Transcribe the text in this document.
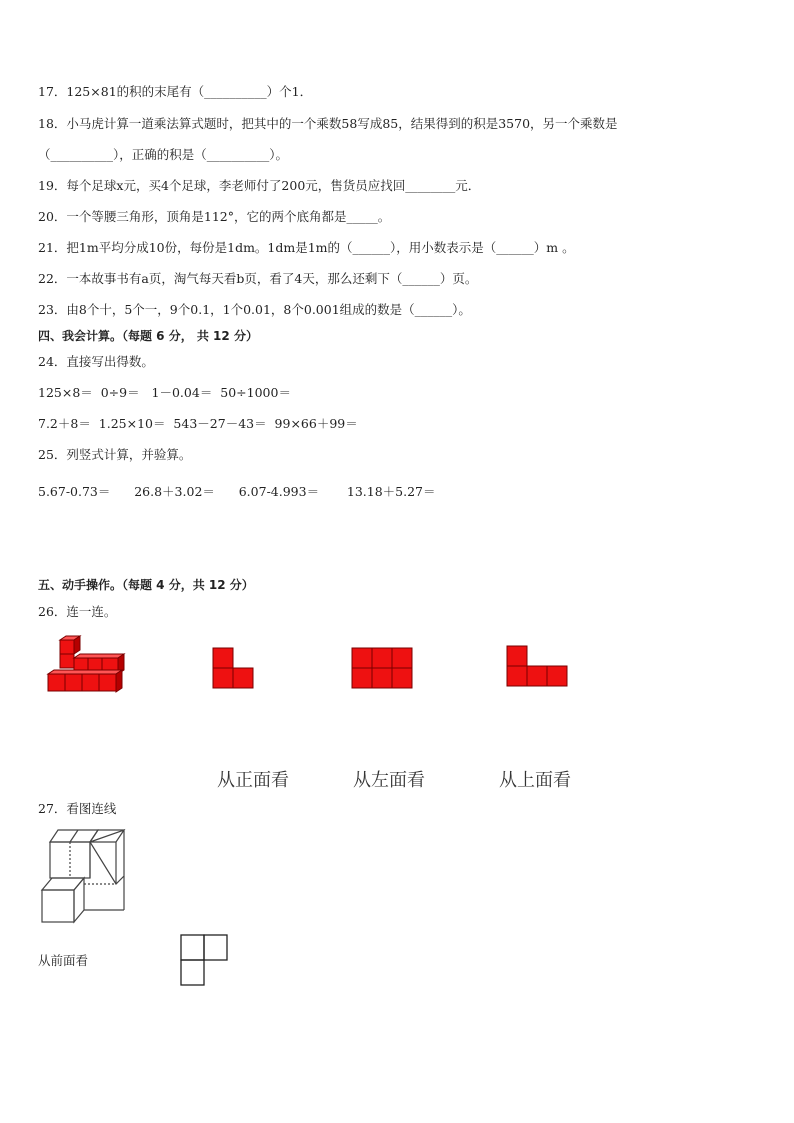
17．125×81的积的末尾有（__________）个1．
18．小马虎计算一道乘法算式题时，把其中的一个乘数58写成85，结果得到的积是3570，另一个乘数是
（__________），正确的积是（__________）。
19．每个足球x元，买4个足球，李老师付了200元，售货员应找回________元．
20．一个等腰三角形，顶角是112°，它的两个底角都是_____。
21．把1m平均分成10份，每份是1dm。1dm是1m的（______），用小数表示是（______）m 。
22．一本故事书有a页，淘气每天看b页，看了4天，那么还剩下（______）页。
23．由8个十，5个一，9个0.1，1个0.01，8个0.001组成的数是（______）。
四、我会计算。（每题 6 分， 共 12 分）
24．直接写出得数。
125×8＝  0÷9＝   1－0.04＝  50÷1000＝
7.2＋8＝  1.25×10＝  543－27－43＝  99×66＋99＝
25．列竖式计算，并验算。
5.67-0.73＝      26.8＋3.02＝      6.07-4.993＝       13.18＋5.27＝
五、动手操作。（每题 4 分，共 12 分）
26．连一连。
从正面看	从左面看	从上面看
27．看图连线
从前面看
